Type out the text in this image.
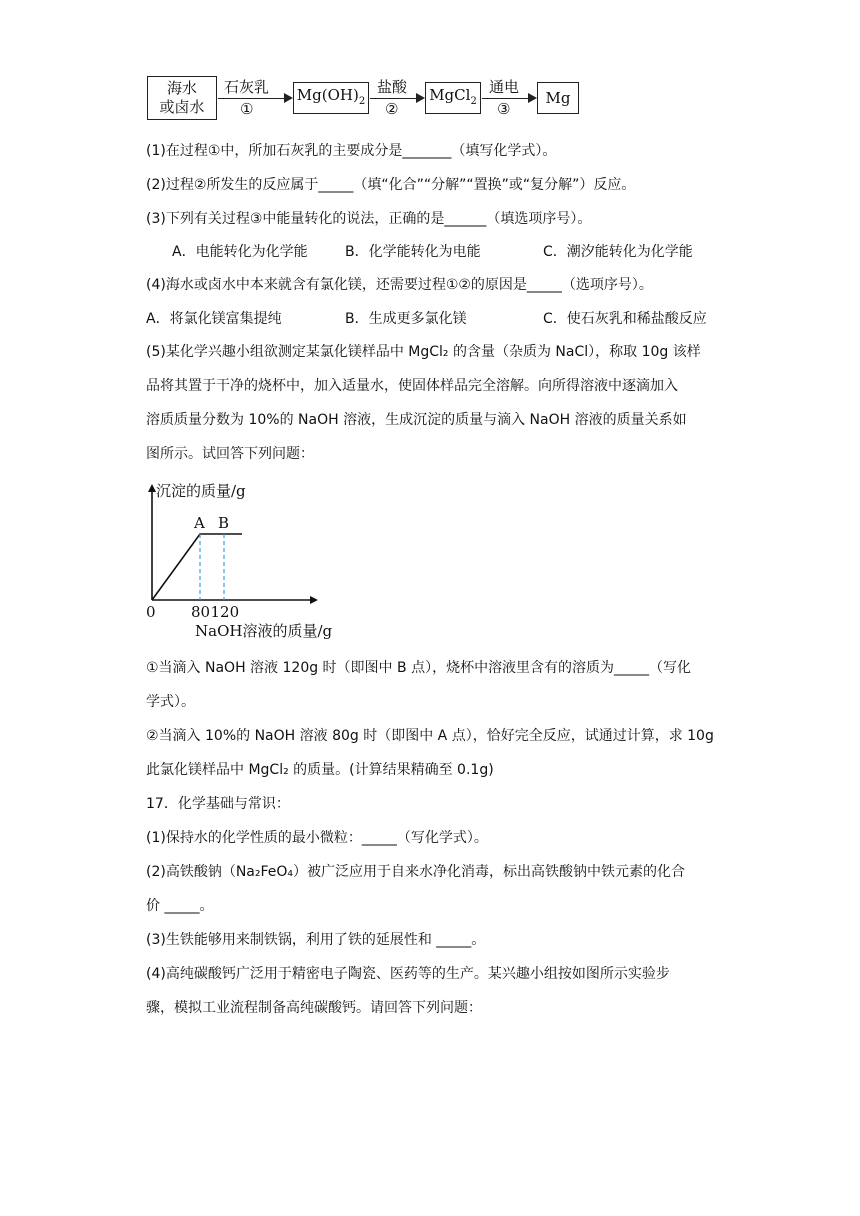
海水
或卤水
石灰乳
①
$Mg(OH)_2$
盐酸
②
MgCl$_2$
通电
③
Mg
(1)在过程①中，所加石灰乳的主要成分是_______（填写化学式）。
(2)过程②所发生的反应属于_____（填“化合”“分解”“置换”或“复分解”）反应。
(3)下列有关过程③中能量转化的说法，正确的是______（填选项序号）。
A．电能转化为化学能	B．化学能转化为电能	C．潮汐能转化为化学能
(4)海水或卤水中本来就含有氯化镁，还需要过程①②的原因是_____（选项序号）。
A．将氯化镁富集提纯	B．生成更多氯化镁	C．使石灰乳和稀盐酸反应
(5)某化学兴趣小组欲测定某氯化镁样品中 MgCl₂ 的含量（杂质为 NaCl），称取 10g 该样
品将其置于干净的烧杯中，加入适量水，使固体样品完全溶解。向所得溶液中逐滴加入
溶质质量分数为 10%的 NaOH 溶液，生成沉淀的质量与滴入 NaOH 溶液的质量关系如
图所示。试回答下列问题：
沉淀的质量/g
NaOH溶液的质量/g
0
A
80
B
120
①当滴入 NaOH 溶液 120g 时（即图中 B 点），烧杯中溶液里含有的溶质为_____（写化
学式）。
②当滴入 10%的 NaOH 溶液 80g 时（即图中 A 点），恰好完全反应，试通过计算，求 10g
此氯化镁样品中 MgCl₂ 的质量。(计算结果精确至 0.1g)
17．化学基础与常识：
(1)保持水的化学性质的最小微粒：_____（写化学式）。
(2)高铁酸钠（Na₂FeO₄）被广泛应用于自来水净化消毒，标出高铁酸钠中铁元素的化合
价 _____。
(3)生铁能够用来制铁锅，利用了铁的延展性和 _____。
(4)高纯碳酸钙广泛用于精密电子陶瓷、医药等的生产。某兴趣小组按如图所示实验步
骤，模拟工业流程制备高纯碳酸钙。请回答下列问题：
